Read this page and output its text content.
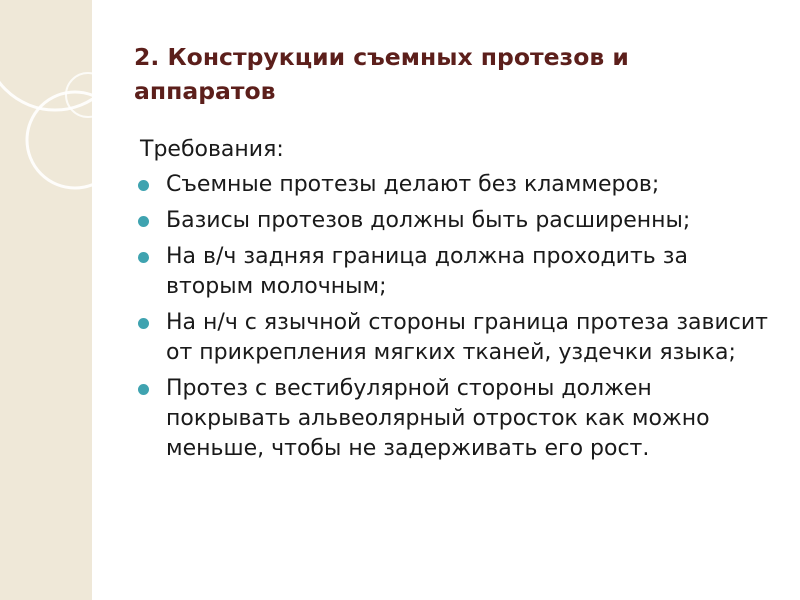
2. Конструкции съемных протезов и аппаратов

Требования:

Съемные протезы делают без кламмеров;
Базисы протезов должны быть расширенны;
На в/ч задняя граница должна проходить за вторым молочным;
На н/ч с язычной стороны граница протеза зависит от прикрепления мягких тканей, уздечки языка;
Протез с вестибулярной стороны должен покрывать альвеолярный отросток как можно меньше, чтобы не задерживать его рост.
